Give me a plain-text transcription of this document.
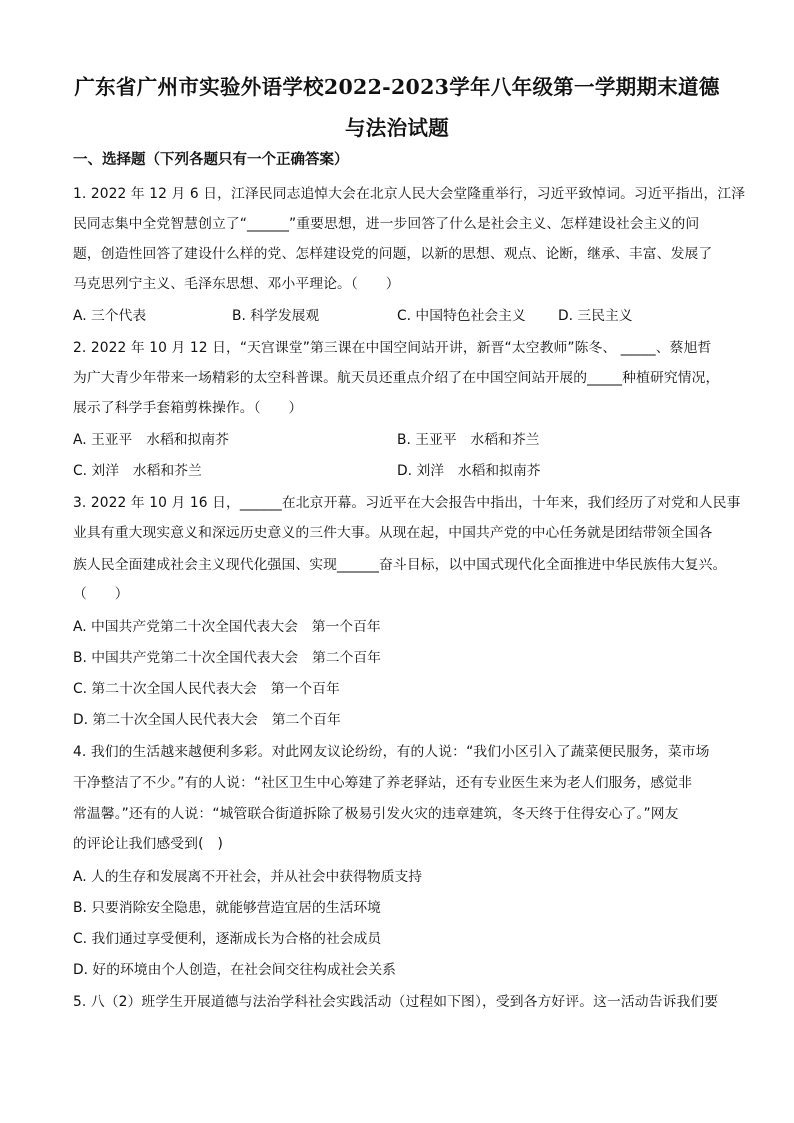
广东省广州市实验外语学校2022-2023学年八年级第一学期期末道德
与法治试题
一、选择题（下列各题只有一个正确答案）
1. 2022 年 12 月 6 日，江泽民同志追悼大会在北京人民大会堂隆重举行，习近平致悼词。习近平指出，江泽
民同志集中全党智慧创立了“______”重要思想，进一步回答了什么是社会主义、怎样建设社会主义的问
题，创造性回答了建设什么样的党、怎样建设党的问题，以新的思想、观点、论断，继承、丰富、发展了
马克思列宁主义、毛泽东思想、邓小平理论。（　　）
A. 三个代表	B. 科学发展观	C. 中国特色社会主义 D. 三民主义
2. 2022 年 10 月 12 日，“天宫课堂”第三课在中国空间站开讲，新晋“太空教师”陈冬、 _____、蔡旭哲
为广大青少年带来一场精彩的太空科普课。航天员还重点介绍了在中国空间站开展的_____种植研究情况，
展示了科学手套箱剪株操作。（　　）
A. 王亚平　水稻和拟南芥	B. 王亚平　水稻和芥兰
C. 刘洋　水稻和芥兰	D. 刘洋　水稻和拟南芥
3. 2022 年 10 月 16 日，______在北京开幕。习近平在大会报告中指出，十年来，我们经历了对党和人民事
业具有重大现实意义和深远历史意义的三件大事。从现在起，中国共产党的中心任务就是团结带领全国各
族人民全面建成社会主义现代化强国、实现______奋斗目标，以中国式现代化全面推进中华民族伟大复兴。
（　　）
A. 中国共产党第二十次全国代表大会　第一个百年
B. 中国共产党第二十次全国代表大会　第二个百年
C. 第二十次全国人民代表大会　第一个百年
D. 第二十次全国人民代表大会　第二个百年
4. 我们的生活越来越便利多彩。对此网友议论纷纷，有的人说：“我们小区引入了蔬菜便民服务，菜市场
干净整洁了不少。”有的人说：“社区卫生中心筹建了养老驿站，还有专业医生来为老人们服务，感觉非
常温馨。”还有的人说：“城管联合街道拆除了极易引发火灾的违章建筑，冬天终于住得安心了。”网友
的评论让我们感受到(　)
A. 人的生存和发展离不开社会，并从社会中获得物质支持
B. 只要消除安全隐患，就能够营造宜居的生活环境
C. 我们通过享受便利，逐渐成长为合格的社会成员
D. 好的环境由个人创造，在社会间交往构成社会关系
5. 八（2）班学生开展道德与法治学科社会实践活动（过程如下图），受到各方好评。这一活动告诉我们要
